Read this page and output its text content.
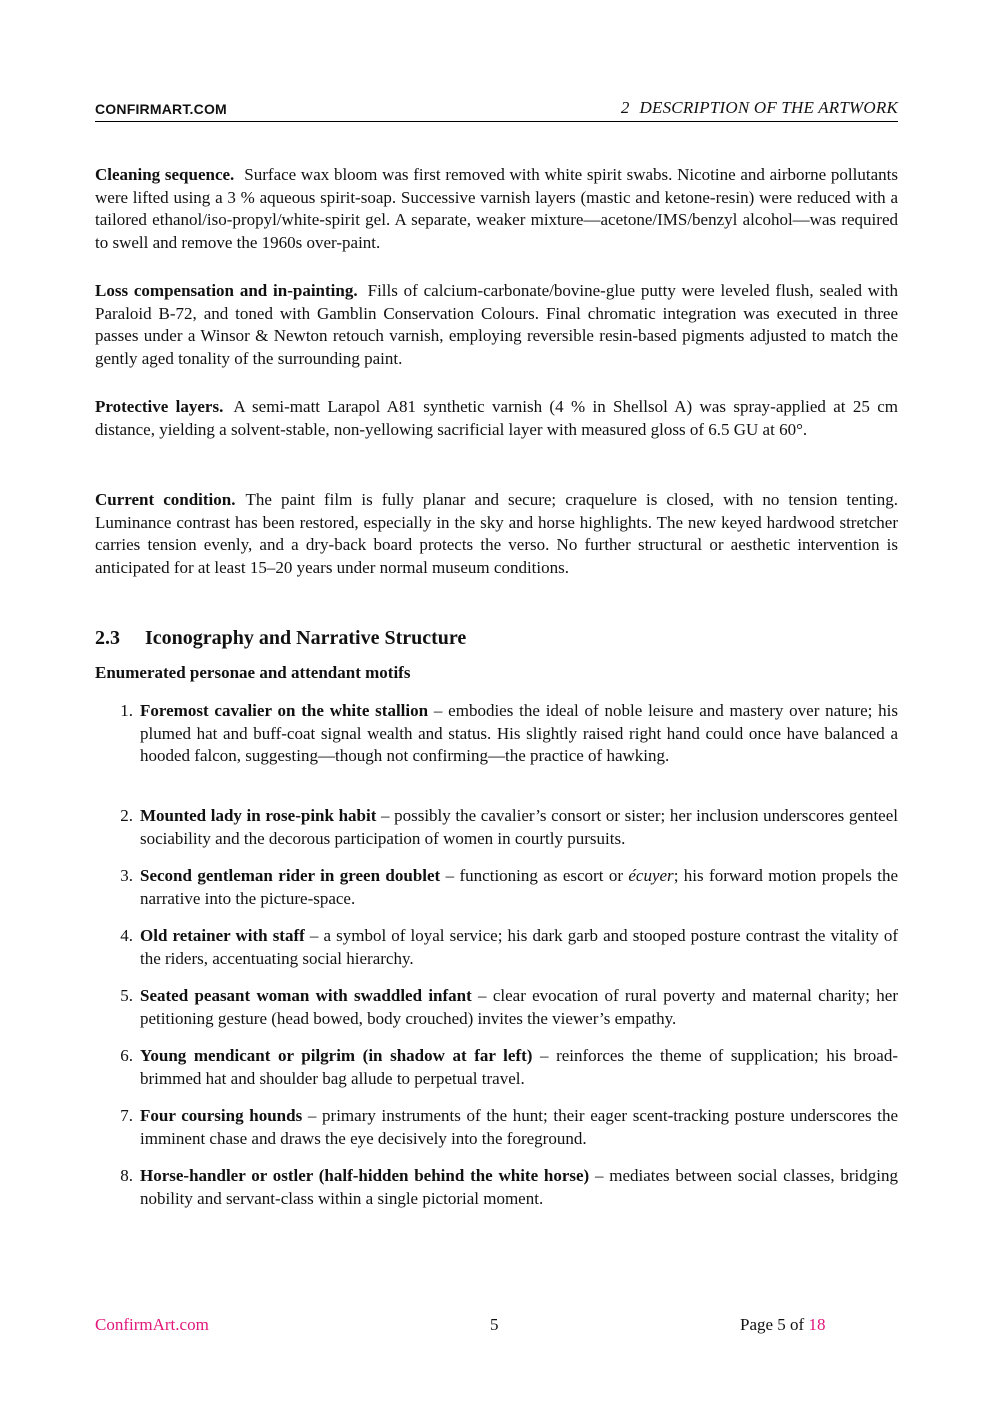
CONFIRMART.COM	2 DESCRIPTION OF THE ARTWORK

Cleaning sequence. Surface wax bloom was first removed with white spirit swabs. Nicotine and airborne pollutants were lifted using a 3 % aqueous spirit-soap. Successive varnish layers (mastic and ketone-resin) were reduced with a tailored ethanol/iso-propyl/white-spirit gel. A separate, weaker mixture—acetone/IMS/benzyl alcohol—was required to swell and remove the 1960s over-paint.

Loss compensation and in-painting. Fills of calcium-carbonate/bovine-glue putty were leveled flush, sealed with Paraloid B-72, and toned with Gamblin Conservation Colours. Final chromatic integration was executed in three passes under a Winsor & Newton retouch varnish, employing reversible resin-based pigments adjusted to match the gently aged tonality of the surrounding paint.

Protective layers. A semi-matt Larapol A81 synthetic varnish (4 % in Shellsol A) was spray-applied at 25 cm distance, yielding a solvent-stable, non-yellowing sacrificial layer with measured gloss of 6.5 GU at 60°.

Current condition. The paint film is fully planar and secure; craquelure is closed, with no tension tenting. Luminance contrast has been restored, especially in the sky and horse highlights. The new keyed hardwood stretcher carries tension evenly, and a dry-back board protects the verso. No further structural or aesthetic intervention is anticipated for at least 15–20 years under normal museum conditions.

2.3 Iconography and Narrative Structure
Enumerated personae and attendant motifs
1. Foremost cavalier on the white stallion – embodies the ideal of noble leisure and mastery over nature; his plumed hat and buff-coat signal wealth and status. His slightly raised right hand could once have balanced a hooded falcon, suggesting—though not confirming—the practice of hawking.
2. Mounted lady in rose-pink habit – possibly the cavalier’s consort or sister; her inclusion underscores genteel sociability and the decorous participation of women in courtly pursuits.
3. Second gentleman rider in green doublet – functioning as escort or écuyer; his forward motion propels the narrative into the picture-space.
4. Old retainer with staff – a symbol of loyal service; his dark garb and stooped posture contrast the vitality of the riders, accentuating social hierarchy.
5. Seated peasant woman with swaddled infant – clear evocation of rural poverty and maternal charity; her petitioning gesture (head bowed, body crouched) invites the viewer’s empathy.
6. Young mendicant or pilgrim (in shadow at far left) – reinforces the theme of supplication; his broad-brimmed hat and shoulder bag allude to perpetual travel.
7. Four coursing hounds – primary instruments of the hunt; their eager scent-tracking posture underscores the imminent chase and draws the eye decisively into the foreground.
8. Horse-handler or ostler (half-hidden behind the white horse) – mediates between social classes, bridging nobility and servant-class within a single pictorial moment.
ConfirmArt.com	5	Page 5 of 18
